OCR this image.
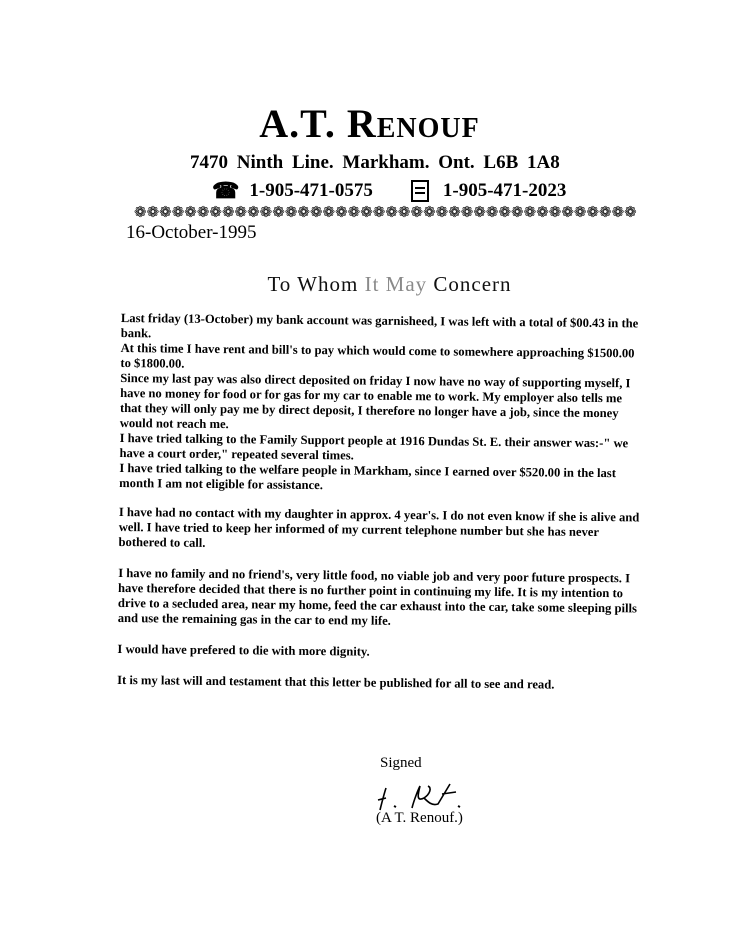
A.T. Renouf
7470 Ninth Line. Markham. Ont. L6B 1A8
☎ 1-905-471-0575	1-905-471-2023
❁❁❁❁❁❁❁❁❁❁❁❁❁❁❁❁❁❁❁❁❁❁❁❁❁❁❁❁❁❁❁❁❁❁❁❁❁❁❁❁
16-October-1995
To Whom It May Concern

Last friday (13-October) my bank account was garnisheed, I was left with a total of $00.43 in the bank.

At this time I have rent and bill's to pay which would come to somewhere approaching $1500.00 to $1800.00.

Since my last pay was also direct deposited on friday I now have no way of supporting myself, I have no money for food or for gas for my car to enable me to work. My employer also tells me that they will only pay me by direct deposit, I therefore no longer have a job, since the money would not reach me.

I have tried talking to the Family Support people at 1916 Dundas St. E. their answer was:-" we have a court order," repeated several times.

I have tried talking to the welfare people in Markham, since I earned over $520.00 in the last month I am not eligible for assistance.

I have had no contact with my daughter in approx. 4 year's. I do not even know if she is alive and well. I have tried to keep her informed of my current telephone number but she has never bothered to call.

I have no family and no friend's, very little food, no viable job and very poor future prospects. I have therefore decided that there is no further point in continuing my life. It is my intention to drive to a secluded area, near my home, feed the car exhaust into the car, take some sleeping pills and use the remaining gas in the car to end my life.

I would have prefered to die with more dignity.

It is my last will and testament that this letter be published for all to see and read.

Signed
(A T. Renouf.)
